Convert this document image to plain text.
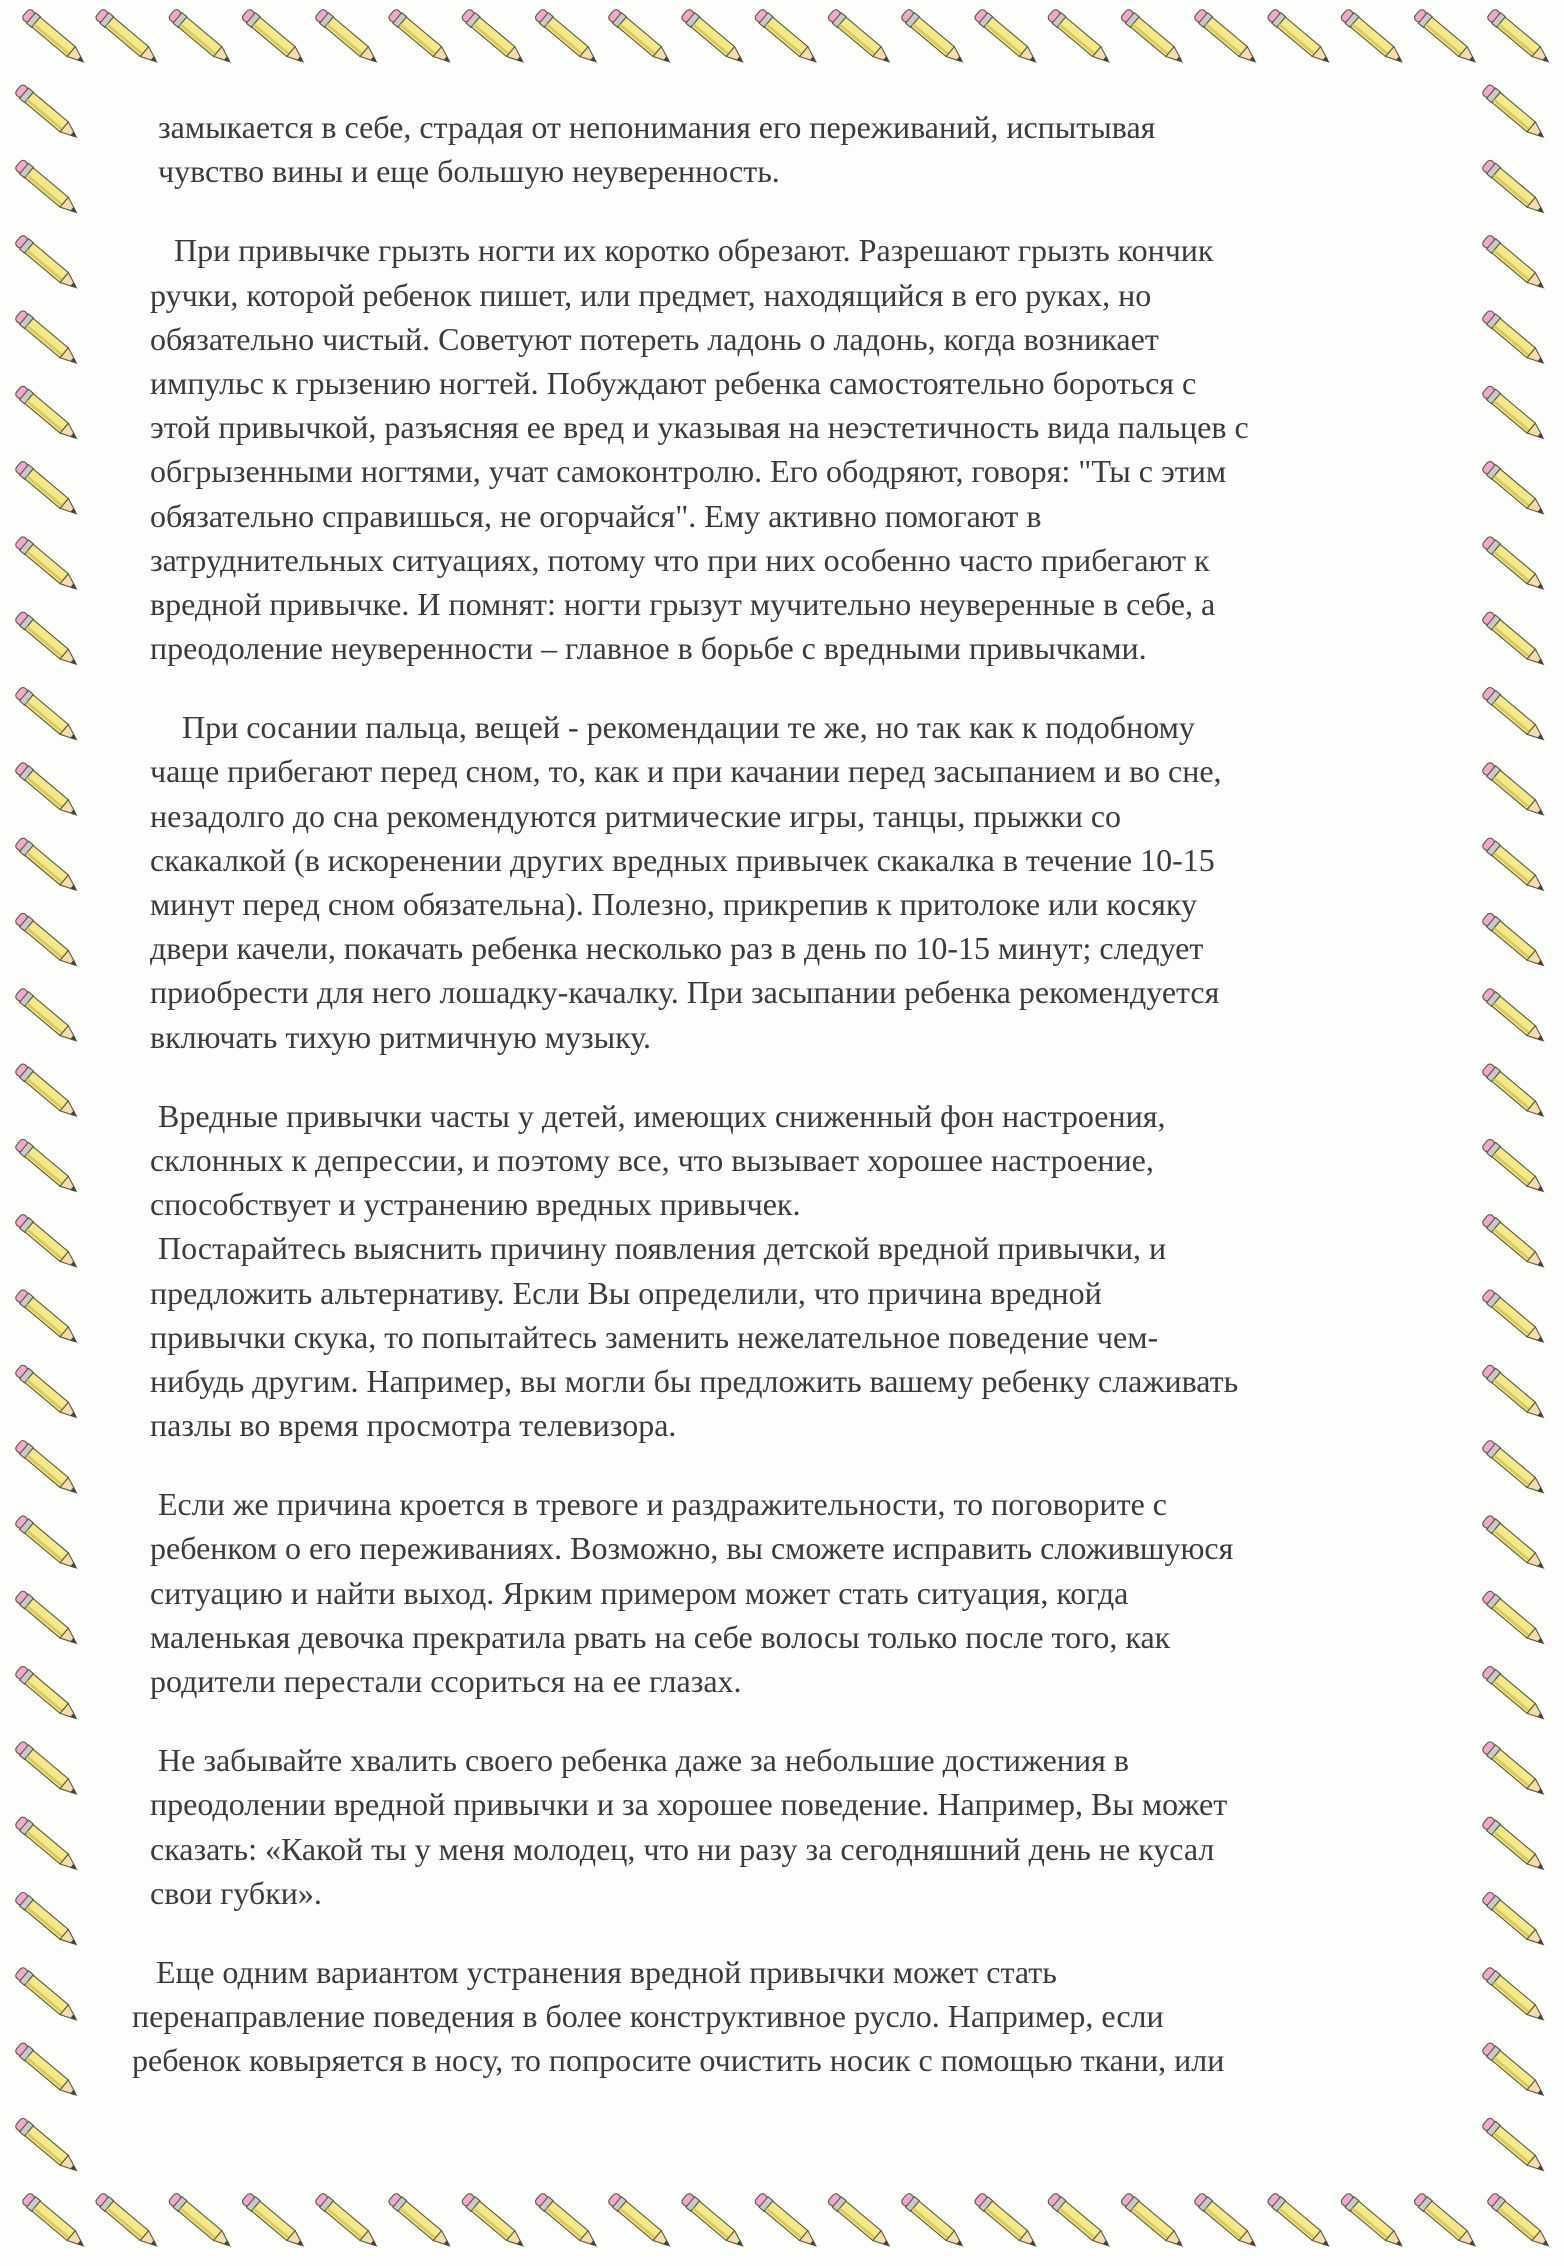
замыкается в себе, страдая от непонимания его переживаний, испытывая
чувство вины и еще большую неуверенность.
При привычке грызть ногти их коротко обрезают. Разрешают грызть кончик
ручки, которой ребенок пишет, или предмет, находящийся в его руках, но
обязательно чистый. Советуют потереть ладонь о ладонь, когда возникает
импульс к грызению ногтей. Побуждают ребенка самостоятельно бороться с
этой привычкой, разъясняя ее вред и указывая на неэстетичность вида пальцев с
обгрызенными ногтями, учат самоконтролю. Его ободряют, говоря: "Ты с этим
обязательно справишься, не огорчайся". Ему активно помогают в
затруднительных ситуациях, потому что при них особенно часто прибегают к
вредной привычке. И помнят: ногти грызут мучительно неуверенные в себе, а
преодоление неуверенности – главное в борьбе с вредными привычками.
При сосании пальца, вещей - рекомендации те же, но так как к подобному
чаще прибегают перед сном, то, как и при качании перед засыпанием и во сне,
незадолго до сна рекомендуются ритмические игры, танцы, прыжки со
скакалкой (в искоренении других вредных привычек скакалка в течение 10-15
минут перед сном обязательна). Полезно, прикрепив к притолоке или косяку
двери качели, покачать ребенка несколько раз в день по 10-15 минут; следует
приобрести для него лошадку-качалку. При засыпании ребенка рекомендуется
включать тихую ритмичную музыку.
Вредные привычки часты у детей, имеющих сниженный фон настроения,
склонных к депрессии, и поэтому все, что вызывает хорошее настроение,
способствует и устранению вредных привычек.
Постарайтесь выяснить причину появления детской вредной привычки, и
предложить альтернативу. Если Вы определили, что причина вредной
привычки скука, то попытайтесь заменить нежелательное поведение чем-
нибудь другим. Например, вы могли бы предложить вашему ребенку слаживать
пазлы во время просмотра телевизора.
Если же причина кроется в тревоге и раздражительности, то поговорите с
ребенком о его переживаниях. Возможно, вы сможете исправить сложившуюся
ситуацию и найти выход. Ярким примером может стать ситуация, когда
маленькая девочка прекратила рвать на себе волосы только после того, как
родители перестали ссориться на ее глазах.
Не забывайте хвалить своего ребенка даже за небольшие достижения в
преодолении вредной привычки и за хорошее поведение. Например, Вы может
сказать: «Какой ты у меня молодец, что ни разу за сегодняшний день не кусал
свои губки».
Еще одним вариантом устранения вредной привычки может стать
перенаправление поведения в более конструктивное русло. Например, если
ребенок ковыряется в носу, то попросите очистить носик с помощью ткани, или
